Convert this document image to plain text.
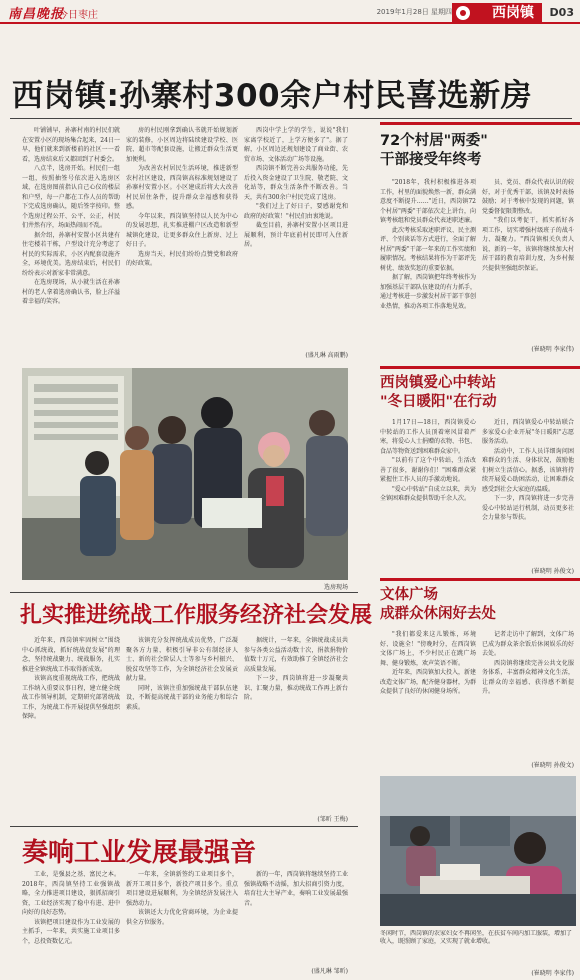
南昌晚报
今日枣庄	2019年1月28日 星期四	西岗镇	D03
西岗镇:孙寨村300余户村民喜选新房

叶铺铺早，孙寨村南的村民们就在安置小区的现场集合起来，24日一早，他们就来到新楼前的社区一一看看，选房结束后又都回到了村委会。

八点半，选房开始。村民们一组一组，按照抽签号依次进入选房区域，在选房图前指认自己心仪的楼层和户型，每一户都在工作人员的帮助下完成选房确认，随后签字按印。整个选房过程公开、公平、公正，村民们井然有序，场面热闹而不乱。

据介绍，孙寨村安置小区共建有住宅楼若干栋，户型设计充分考虑了村民的实际需求，小区内配套设施齐全，环境优美。选房结束后，村民们纷纷表示对新家非常满意。

在选房现场，从小就生活在孙寨村的老人拿着选房确认书，脸上洋溢着幸福的笑容。

房的村民刚拿到确认书就开始规划新家的装修，小区周边将陆续建设学校、医院、超市等配套设施，让搬迁群众生活更加便利。

为改善农村居民生活环境，推进新型农村社区建设，西岗镇高标准规划建设了孙寨村安置小区。小区建成后将大大改善村民居住条件，提升群众幸福感和获得感。

今年以来，西岗镇坚持以人民为中心的发展思想，扎实推进棚户区改造和新型城镇化建设，让更多群众住上新房、过上好日子。

选房当天，村民们纷纷点赞党和政府的好政策。

西岗中学上学的学生，说说"我们家离学校近了，上学方便多了"。据了解，小区周边还规划建设了商业街、农贸市场、文体活动广场等设施。

西岗镇不断完善公共服务功能，先后投入资金建设了卫生院、敬老院、文化站等，群众生活条件不断改善。当天，共有300余户村民完成了选房。

"我们过上了好日子，要感谢党和政府的好政策！"村民们由衷地说。

截至目前，孙寨村安置小区项目进展顺利，预计年底前村民即可入住新居。

(盛凡琳 高雨鹏)
选房现场
72个村居"两委"
干部接受年终考

"2018年，我村积极推进各项工作，村里的面貌焕然一新，群众满意度不断提升……"近日，西岗镇72个村居"两委"干部依次走上讲台，向镇考核组和党员群众代表述职述廉。

此次考核采取述职评议、民主测评、个别谈话等方式进行，全面了解村居"两委"干部一年来的工作实绩和履职情况。考核结果将作为干部评先树优、绩效奖惩的重要依据。

据了解，西岗镇把年终考核作为加强基层干部队伍建设的有力抓手，通过考核进一步激发村居干部干事创业热情，推动各项工作落地见效。

员、党员、群众代表认识的较好，对于优秀干部，该镇及时表扬鼓励；对于考核中发现的问题，镇党委督促限期整改。

"我们以考促干，抓实抓好各项工作，切实增强村级班子的战斗力、凝聚力。"西岗镇相关负责人说，新的一年，该镇将继续加大村居干部的教育培训力度，为乡村振兴提供坚强组织保证。

(崔晓明 李家伟)
西岗镇爱心中转站
"冬日暖阳"在行动

1月17日—18日，西岗镇爱心中转站的工作人员顶着寒风冒着严寒，将爱心人士捐赠的衣物、书包、食品等物资送到困难群众家中。

"以前有了这个中转站，生活改善了很多，谢谢你们！"困难群众紧紧握住工作人员的手激动地说。

"爱心中转站"自成立以来，共为全镇困难群众提供帮助千余人次。

近日，西岗镇爱心中转站联合多家爱心企业开展"冬日暖阳"志愿服务活动。

活动中，工作人员详细询问困难群众的生活、身体状况，鼓励他们树立生活信心。据悉，该镇将持续开展爱心助困活动，让困难群众感受到社会大家庭的温暖。

下一步，西岗镇将进一步完善爱心中转站运行机制，动员更多社会力量参与帮扶。

(崔晓明 孙俊文)
文体广场
成群众休闲好去处

"我们都爱来这儿锻炼，环境好、设施全！"傍晚时分，在西岗镇文体广场上，不少村民正在跳广场舞、健身锻炼，欢声笑语不断。

近年来，西岗镇加大投入，新建改造文体广场，配齐健身器材，为群众提供了良好的休闲健身场所。

记者走访中了解到，文体广场已成为群众茶余饭后休闲娱乐的好去处。

西岗镇将继续完善公共文化服务体系，丰富群众精神文化生活，让群众的幸福感、获得感不断提升。

(崔晓明 孙俊文)
扎实推进统战工作服务经济社会发展

近年来，西岗镇牢固树立"围绕中心抓统战，抓好统战促发展"的理念，坚持统战聚力、统战服务，扎实推进全镇统战工作取得新成效。

该镇高度重视统战工作，把统战工作纳入重要议事日程，建立健全统战工作领导机制，定期研究部署统战工作，为统战工作开展提供坚强组织保障。

该镇充分发挥统战成员优势，广泛凝聚各方力量，积极引导非公有制经济人士、新的社会阶层人士等参与乡村振兴、脱贫攻坚等工作，为全镇经济社会发展贡献力量。

同时，该镇注重加强统战干部队伍建设，不断提高统战干部的业务能力和综合素质。

据统计，一年来，全镇统战成员共参与各类公益活动数十次，捐款捐物价值数十万元，有效助推了全镇经济社会高质量发展。

下一步，西岗镇将进一步凝聚共识、汇聚力量，推动统战工作再上新台阶。

(邹昕 王梅)
奏响工业发展最强音

工业，是强县之基、富民之本。2018年，西岗镇坚持工业强镇战略，全力推进项目建设，狠抓招商引资，工业经济实现了稳中有进、进中向好的良好态势。

该镇把项目建设作为工业发展的主抓手，一年来，共实施工业项目多个，总投资数亿元。

一年来，全镇新签约工业项目多个，新开工项目多个，新投产项目多个。重点项目建设进展顺利，为全镇经济发展注入强劲动力。

该镇还大力优化营商环境，为企业提供全方位服务。

新的一年，西岗镇将继续坚持工业强镇战略不动摇，加大招商引资力度，培育壮大主导产业，奏响工业发展最强音。

(盛凡琳 邹昕)
冬闲时节，西岗镇的农家妇女不再闲坐，在扶贫车间内加工服装，增加了收入，既照顾了家庭，又实现了就业增收。
(崔晓明 李家伟)
